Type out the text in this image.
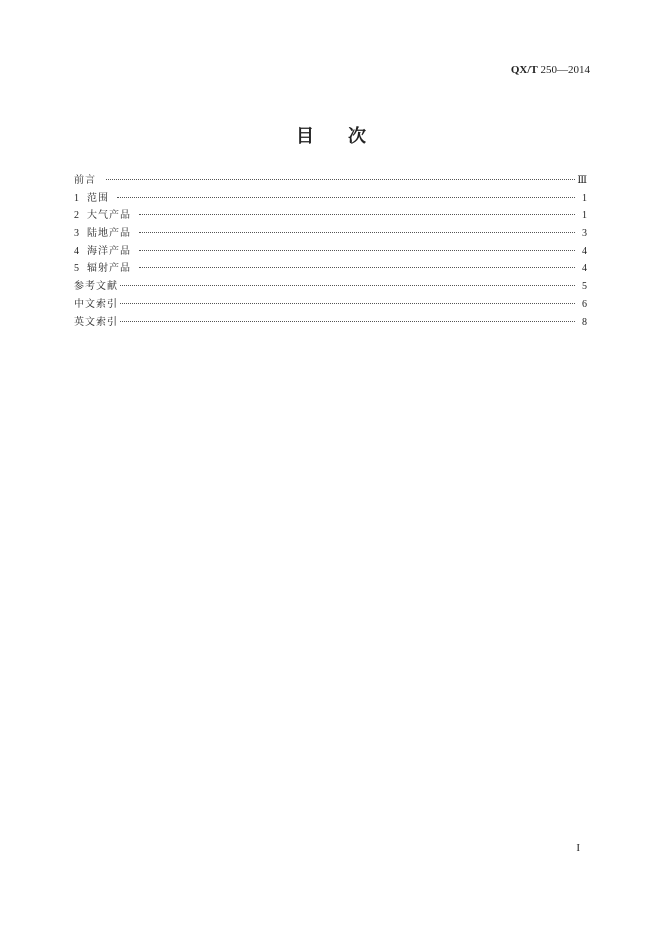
QX/T 250—2014
目次
前言	Ⅲ
1 范围	1
2 大气产品	1
3 陆地产品	3
4 海洋产品	4
5 辐射产品	4
参考文献	5
中文索引	6
英文索引	8
I
